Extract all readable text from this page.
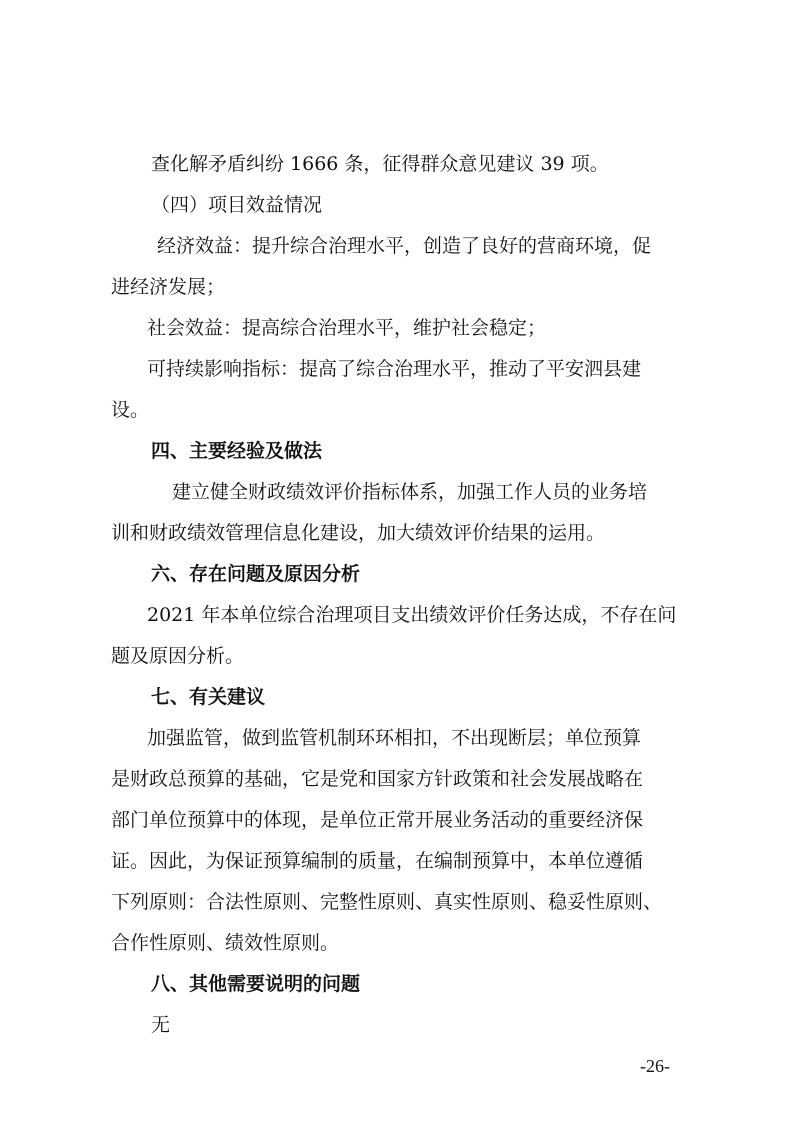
查化解矛盾纠纷 1666 条，征得群众意见建议 39 项。
（四）项目效益情况
经济效益：提升综合治理水平，创造了良好的营商环境，促
进经济发展；
社会效益：提高综合治理水平，维护社会稳定；
可持续影响指标：提高了综合治理水平，推动了平安泗县建
设。
四、主要经验及做法
建立健全财政绩效评价指标体系，加强工作人员的业务培
训和财政绩效管理信息化建设，加大绩效评价结果的运用。
六、存在问题及原因分析
2021 年本单位综合治理项目支出绩效评价任务达成，不存在问
题及原因分析。
七、有关建议
加强监管，做到监管机制环环相扣，不出现断层；单位预算
是财政总预算的基础，它是党和国家方针政策和社会发展战略在
部门单位预算中的体现，是单位正常开展业务活动的重要经济保
证。因此，为保证预算编制的质量，在编制预算中，本单位遵循
下列原则：合法性原则、完整性原则、真实性原则、稳妥性原则、
合作性原则、绩效性原则。
八、其他需要说明的问题
无
-26-
